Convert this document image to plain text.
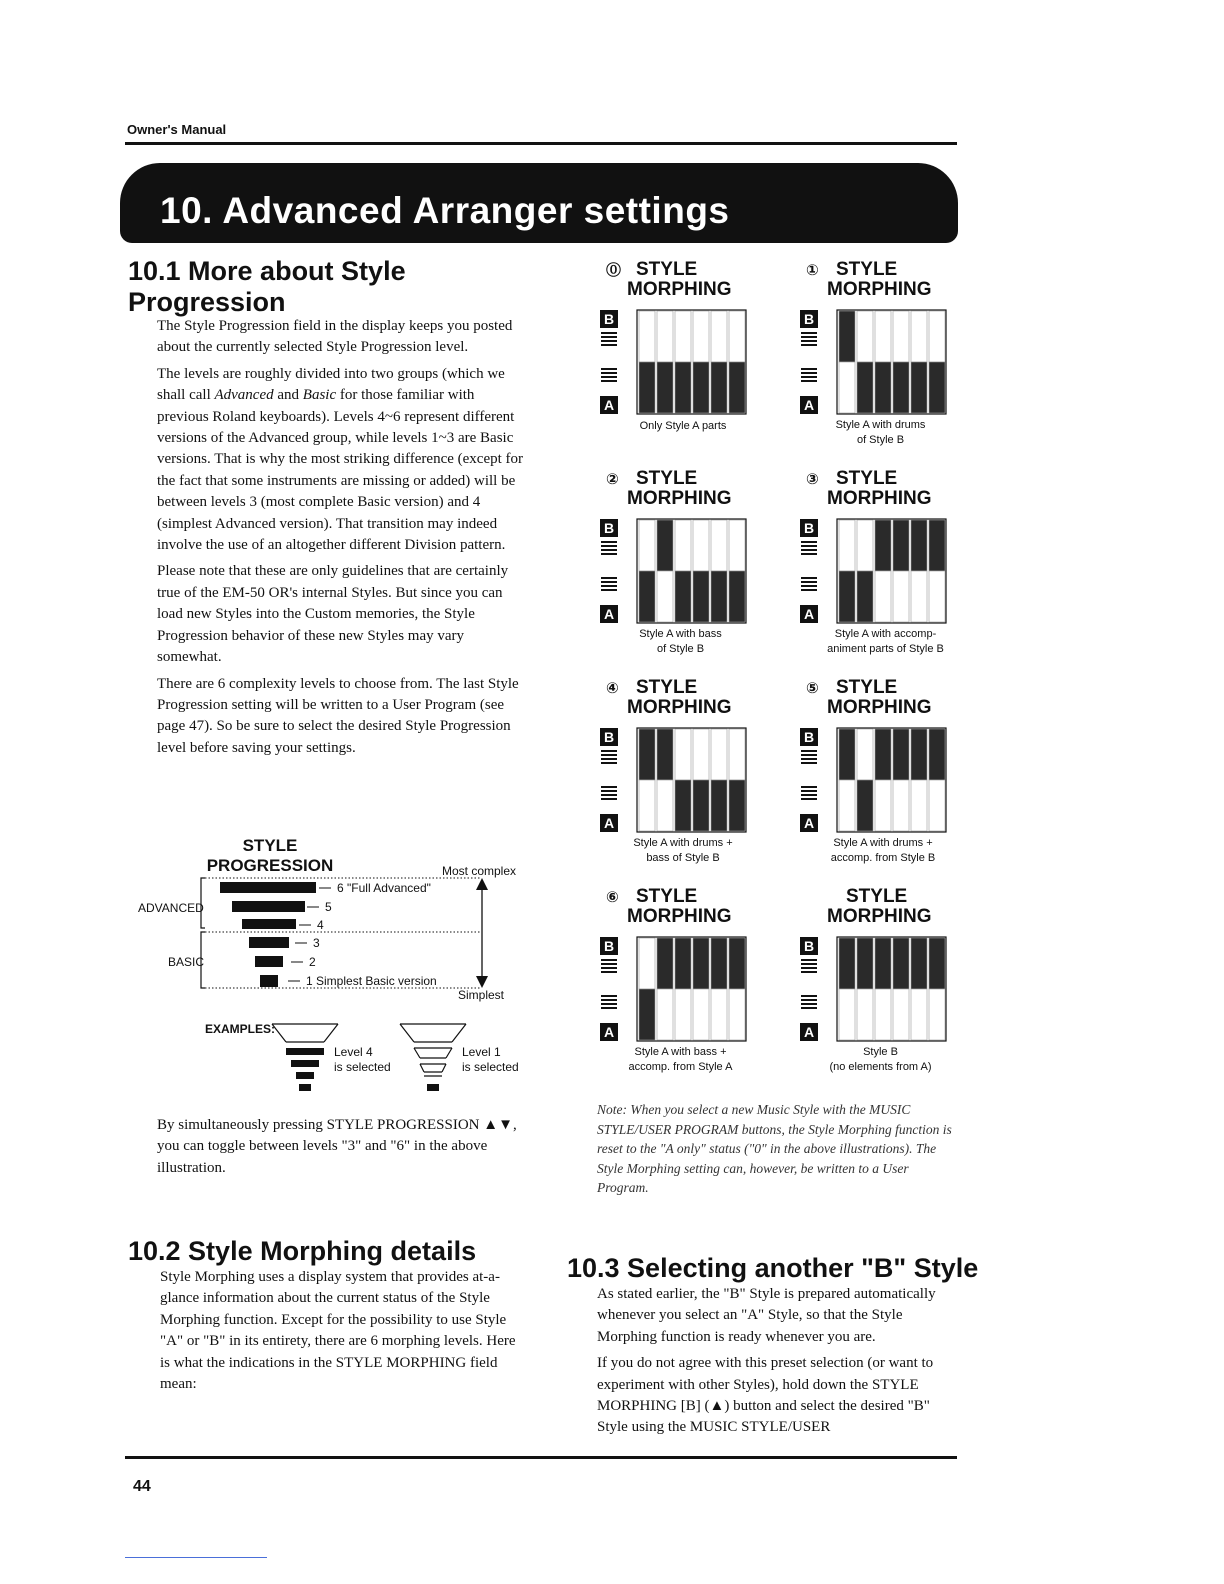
Owner's Manual
10. Advanced Arranger settings
10.1 More about Style Progression

The Style Progression field in the display keeps you posted about the currently selected Style Progression level.

The levels are roughly divided into two groups (which we shall call Advanced and Basic for those familiar with previous Roland keyboards). Levels 4~6 represent different versions of the Advanced group, while levels 1~3 are Basic versions. That is why the most striking difference (except for the fact that some instruments are missing or added) will be between levels 3 (most complete Basic version) and 4 (simplest Advanced version). That transition may indeed involve the use of an altogether different Division pattern.

Please note that these are only guidelines that are certainly true of the EM-50 OR's internal Styles. But since you can load new Styles into the Custom memories, the Style Progression behavior of these new Styles may vary somewhat.

There are 6 complexity levels to choose from. The last Style Progression setting will be written to a User Program (see page 47). So be sure to select the desired Style Progression level before saving your settings.

STYLE
PROGRESSION	Most complex
ADVANCED
BASIC
Simplest
6 "Full Advanced"
5
4
3
2
1 Simplest Basic version
EXAMPLES:
Level 4
is selected
Level 1
is selected
By simultaneously pressing STYLE PROGRESSION ▲▼, you can toggle between levels "3" and "6" in the above illustration.
10.2 Style Morphing details
Style Morphing uses a display system that provides at-a-glance information about the current status of the Style Morphing function. Except for the possibility to use Style "A" or "B" in its entirety, there are 6 morphing levels. Here is what the indications in the STYLE MORPHING field mean:
⓪ STYLE
MORPHING
B
A
Only Style A parts
① STYLE
MORPHING
B
A
Style A with drums
of Style B
② STYLE
MORPHING
B
A
Style A with bass
of Style B
③ STYLE
MORPHING
B
A
Style A with accomp-
animent parts of Style B
④ STYLE
MORPHING
B
A
Style A with drums +
bass of Style B
⑤ STYLE
MORPHING
B
A
Style A with drums +
accomp. from Style B
⑥ STYLE
MORPHING
B
A
Style A with bass +
accomp. from Style A
STYLE
MORPHING
B
A
Style B
(no elements from A)
Note: When you select a new Music Style with the MUSIC STYLE/USER PROGRAM buttons, the Style Morphing function is reset to the "A only" status ("0" in the above illustrations). The Style Morphing setting can, however, be written to a User Program.
10.3 Selecting another "B" Style

As stated earlier, the "B" Style is prepared automatically whenever you select an "A" Style, so that the Style Morphing function is ready whenever you are.

If you do not agree with this preset selection (or want to experiment with other Styles), hold down the STYLE MORPHING [B] (▲) button and select the desired "B" Style using the MUSIC STYLE/USER

44
